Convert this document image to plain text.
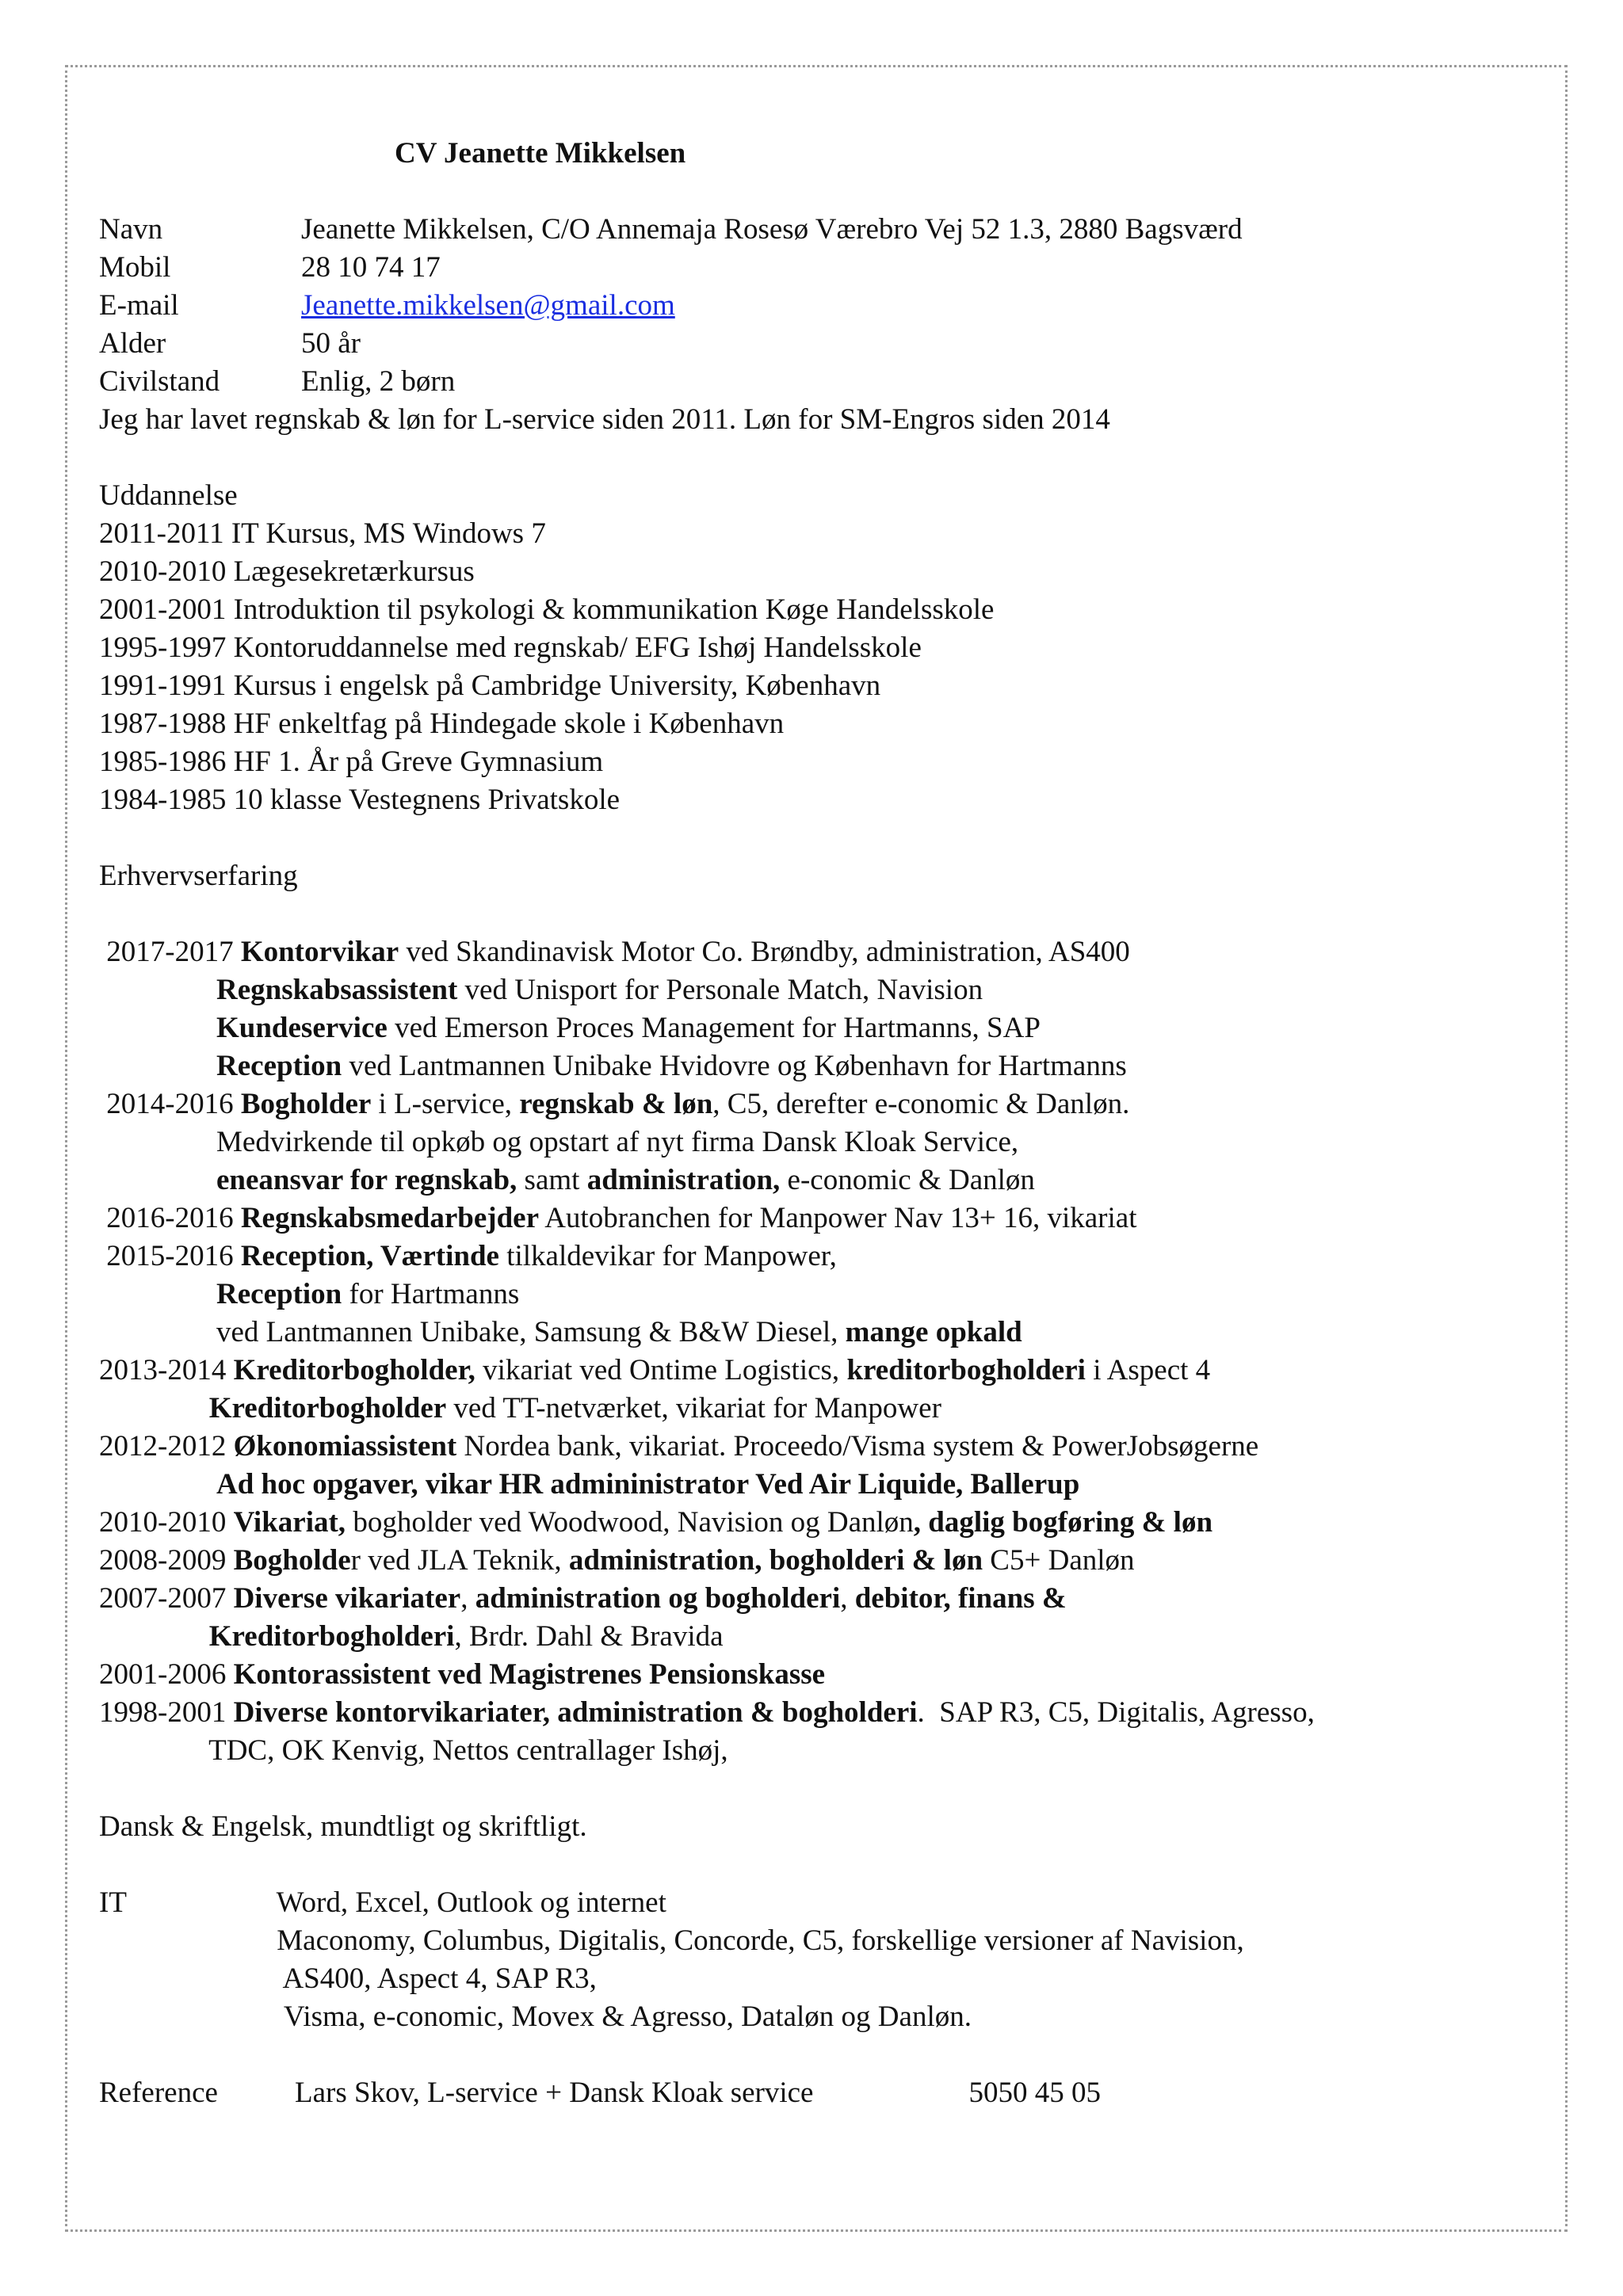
CV Jeanette Mikkelsen
Navn	Jeanette Mikkelsen, C/O Annemaja Rosesø Værebro Vej 52 1.3, 2880 Bagsværd
Mobil	28 10 74 17
E-mail	Jeanette.mikkelsen@gmail.com
Alder	50 år
Civilstand	Enlig, 2 børn
Jeg har lavet regnskab & løn for L-service siden 2011. Løn for SM-Engros siden 2014
Uddannelse
2011-2011 IT Kursus, MS Windows 7
2010-2010 Lægesekretærkursus
2001-2001 Introduktion til psykologi & kommunikation Køge Handelsskole
1995-1997 Kontoruddannelse med regnskab/ EFG Ishøj Handelsskole
1991-1991 Kursus i engelsk på Cambridge University, København
1987-1988 HF enkeltfag på Hindegade skole i København
1985-1986 HF 1. År på Greve Gymnasium
1984-1985 10 klasse Vestegnens Privatskole
Erhvervserfaring
2017-2017 Kontorvikar ved Skandinavisk Motor Co. Brøndby, administration, AS400
Regnskabsassistent ved Unisport for Personale Match, Navision
Kundeservice ved Emerson Proces Management for Hartmanns, SAP
Reception ved Lantmannen Unibake Hvidovre og København for Hartmanns
2014-2016 Bogholder i L-service, regnskab & løn, C5, derefter e-conomic & Danløn.
Medvirkende til opkøb og opstart af nyt firma Dansk Kloak Service,
eneansvar for regnskab, samt administration, e-conomic & Danløn
2016-2016 Regnskabsmedarbejder Autobranchen for Manpower Nav 13+ 16, vikariat
2015-2016 Reception, Værtinde tilkaldevikar for Manpower,
Reception for Hartmanns
ved Lantmannen Unibake, Samsung & B&W Diesel, mange opkald
2013-2014 Kreditorbogholder, vikariat ved Ontime Logistics, kreditorbogholderi i Aspect 4
Kreditorbogholder ved TT-netværket, vikariat for Manpower
2012-2012 Økonomiassistent Nordea bank, vikariat. Proceedo/Visma system & PowerJobsøgerne
Ad hoc opgaver, vikar HR admininistrator Ved Air Liquide, Ballerup
2010-2010 Vikariat, bogholder ved Woodwood, Navision og Danløn, daglig bogføring & løn
2008-2009 Bogholder ved JLA Teknik, administration, bogholderi & løn C5+ Danløn
2007-2007 Diverse vikariater, administration og bogholderi, debitor, finans &
Kreditorbogholderi, Brdr. Dahl & Bravida
2001-2006 Kontorassistent ved Magistrenes Pensionskasse
1998-2001 Diverse kontorvikariater, administration & bogholderi.  SAP R3, C5, Digitalis, Agresso,
TDC, OK Kenvig, Nettos centrallager Ishøj,
Dansk & Engelsk, mundtligt og skriftligt.
IT	Word, Excel, Outlook og internet
Maconomy, Columbus, Digitalis, Concorde, C5, forskellige versioner af Navision,
AS400, Aspect 4, SAP R3,
Visma, e-conomic, Movex & Agresso, Dataløn og Danløn.
Reference	Lars Skov, L-service + Dansk Kloak service	5050 45 05
